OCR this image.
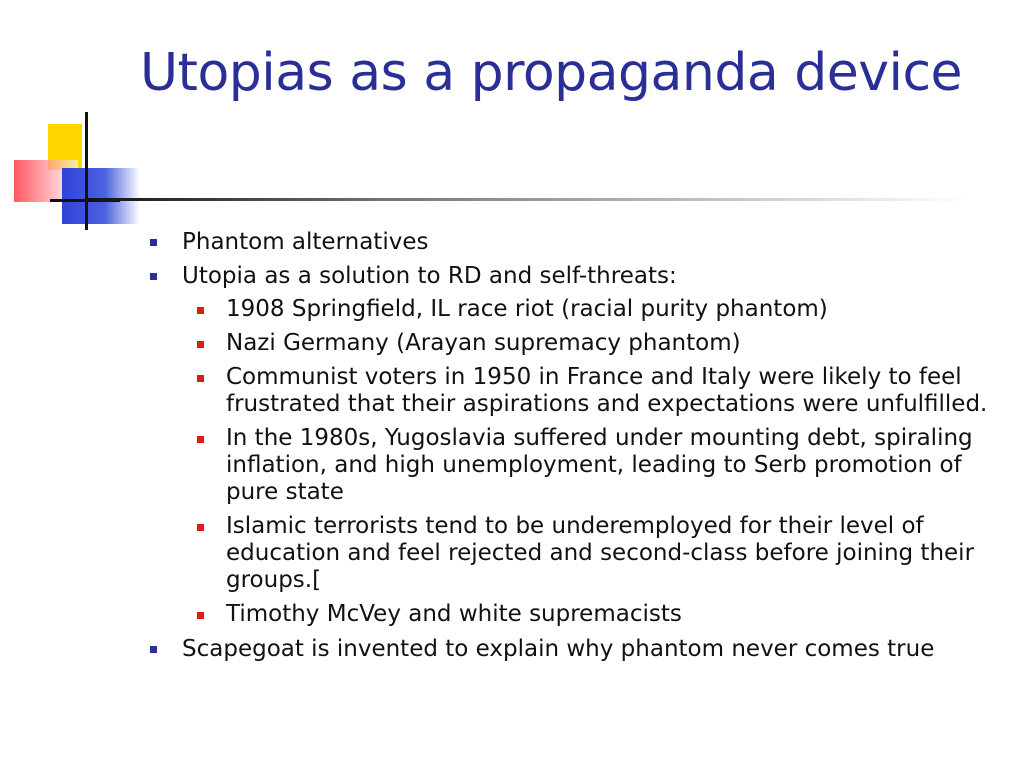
Utopias as a propaganda device
Phantom alternatives
Utopia as a solution to RD and self-threats:
1908 Springfield, IL race riot (racial purity phantom)
Nazi Germany (Arayan supremacy phantom)
Communist voters in 1950 in France and Italy were likely to feel frustrated that their aspirations and expectations were unfulfilled.
In the 1980s, Yugoslavia suffered under mounting debt, spiraling inflation, and high unemployment, leading to Serb promotion of pure state
Islamic terrorists tend to be underemployed for their level of education and feel rejected and second-class before joining their groups.[
Timothy McVey and white supremacists
Scapegoat is invented to explain why phantom never comes true
